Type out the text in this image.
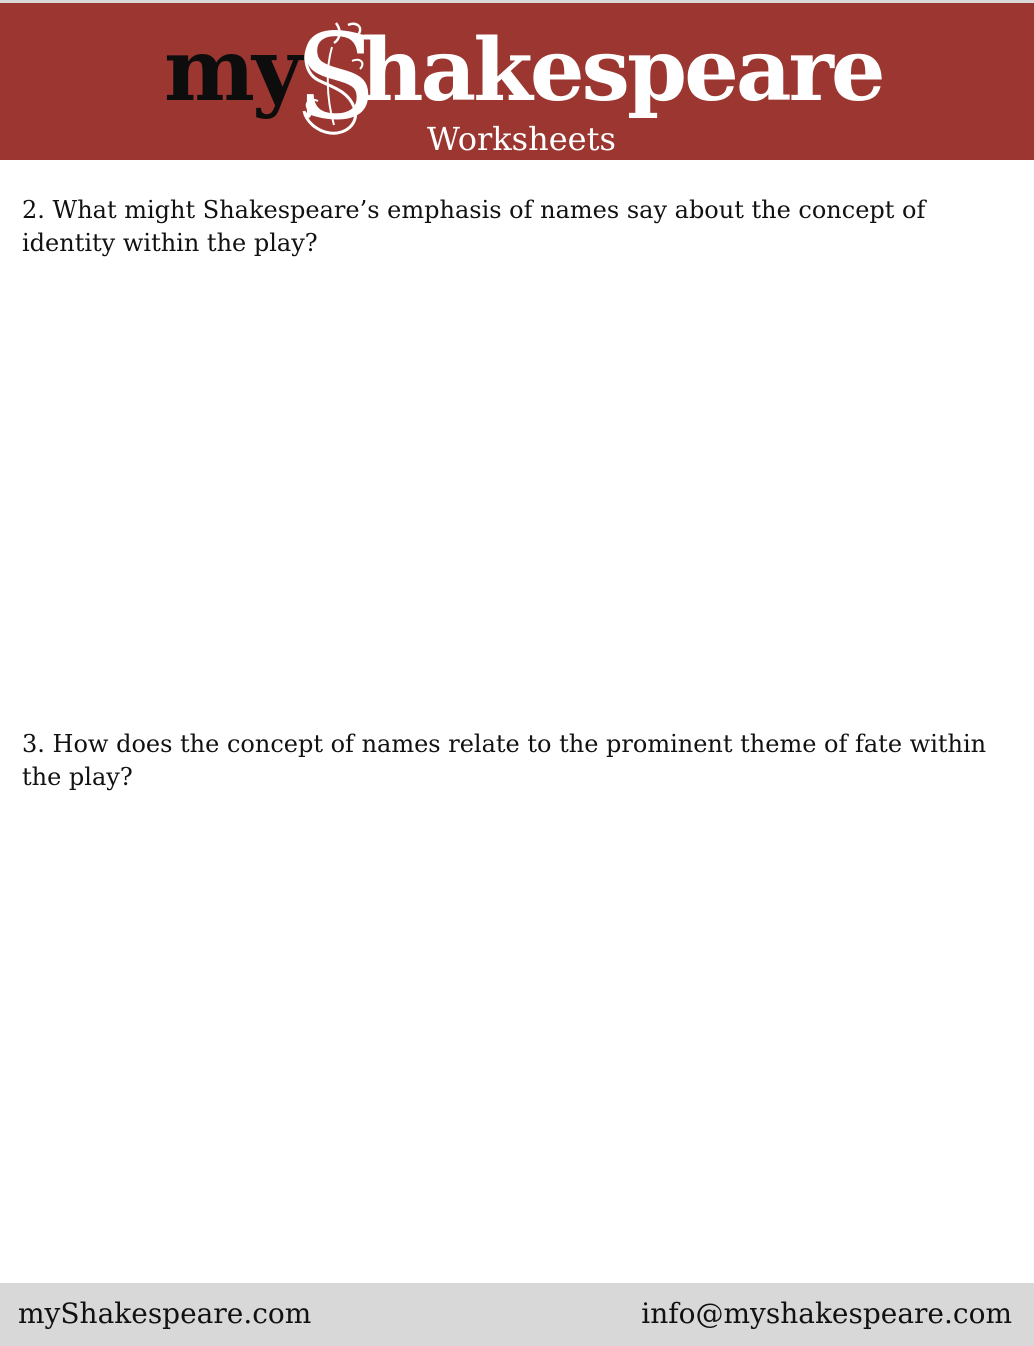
my
S
hakespeare
Worksheets

2. What might Shakespeare’s emphasis of names say about the concept of identity within the play?

3. How does the concept of names relate to the prominent theme of fate within the play?

myShakespeare.com	info@myshakespeare.com
